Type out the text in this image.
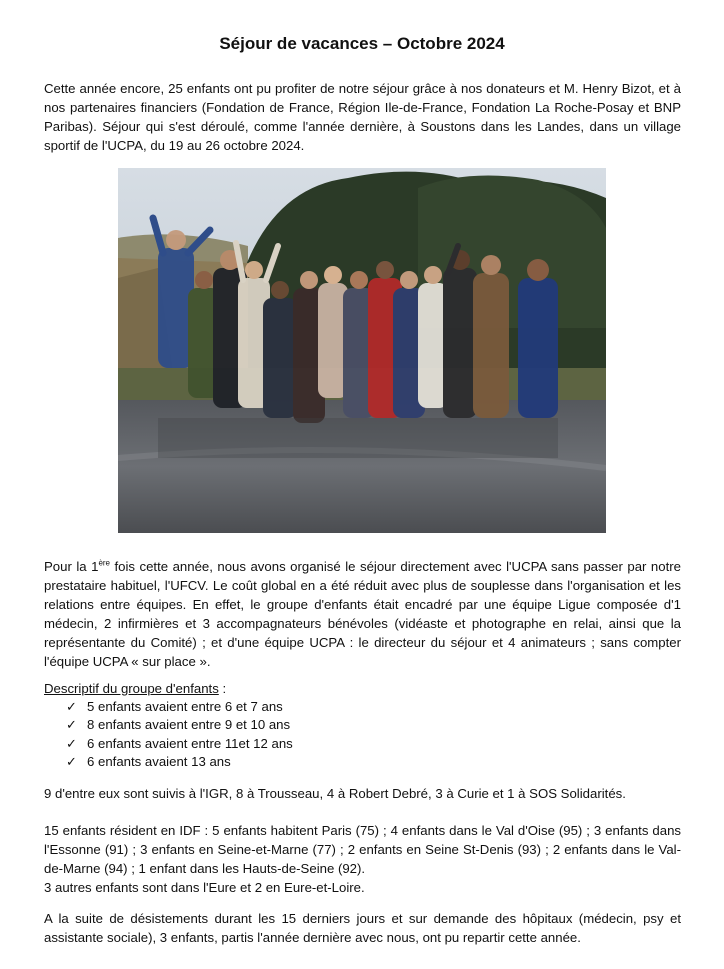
Séjour de vacances – Octobre 2024
Cette année encore, 25 enfants ont pu profiter de notre séjour grâce à nos donateurs et M. Henry Bizot, et à nos partenaires financiers (Fondation de France, Région Ile-de-France, Fondation La Roche-Posay et BNP Paribas). Séjour qui s'est déroulé, comme l'année dernière, à Soustons dans les Landes, dans un village sportif de l'UCPA, du 19 au 26 octobre 2024.
Pour la 1ère fois cette année, nous avons organisé le séjour directement avec l'UCPA sans passer par notre prestataire habituel, l'UFCV. Le coût global en a été réduit avec plus de souplesse dans l'organisation et les relations entre équipes. En effet, le groupe d'enfants était encadré par une équipe Ligue composée d'1 médecin, 2 infirmières et 3 accompagnateurs bénévoles (vidéaste et photographe en relai, ainsi que la représentante du Comité) ; et d'une équipe UCPA : le directeur du séjour et 4 animateurs ; sans compter l'équipe UCPA « sur place ».
Descriptif du groupe d'enfants :
✓ 5 enfants avaient entre 6 et 7 ans
✓ 8 enfants avaient entre 9 et 10 ans
✓ 6 enfants avaient entre 11et 12 ans
✓ 6 enfants avaient 13 ans
9 d'entre eux sont suivis à l'IGR, 8 à Trousseau, 4 à Robert Debré, 3 à Curie et 1 à SOS Solidarités.
15 enfants résident en IDF : 5 enfants habitent Paris (75) ; 4 enfants dans le Val d'Oise (95) ; 3 enfants dans l'Essonne (91) ; 3 enfants en Seine-et-Marne (77) ; 2 enfants en Seine St-Denis (93) ; 2 enfants dans le Val-de-Marne (94) ; 1 enfant dans les Hauts-de-Seine (92).
3 autres enfants sont dans l'Eure et 2 en Eure-et-Loire.
A la suite de désistements durant les 15 derniers jours et sur demande des hôpitaux (médecin, psy et assistante sociale), 3 enfants, partis l'année dernière avec nous, ont pu repartir cette année.
